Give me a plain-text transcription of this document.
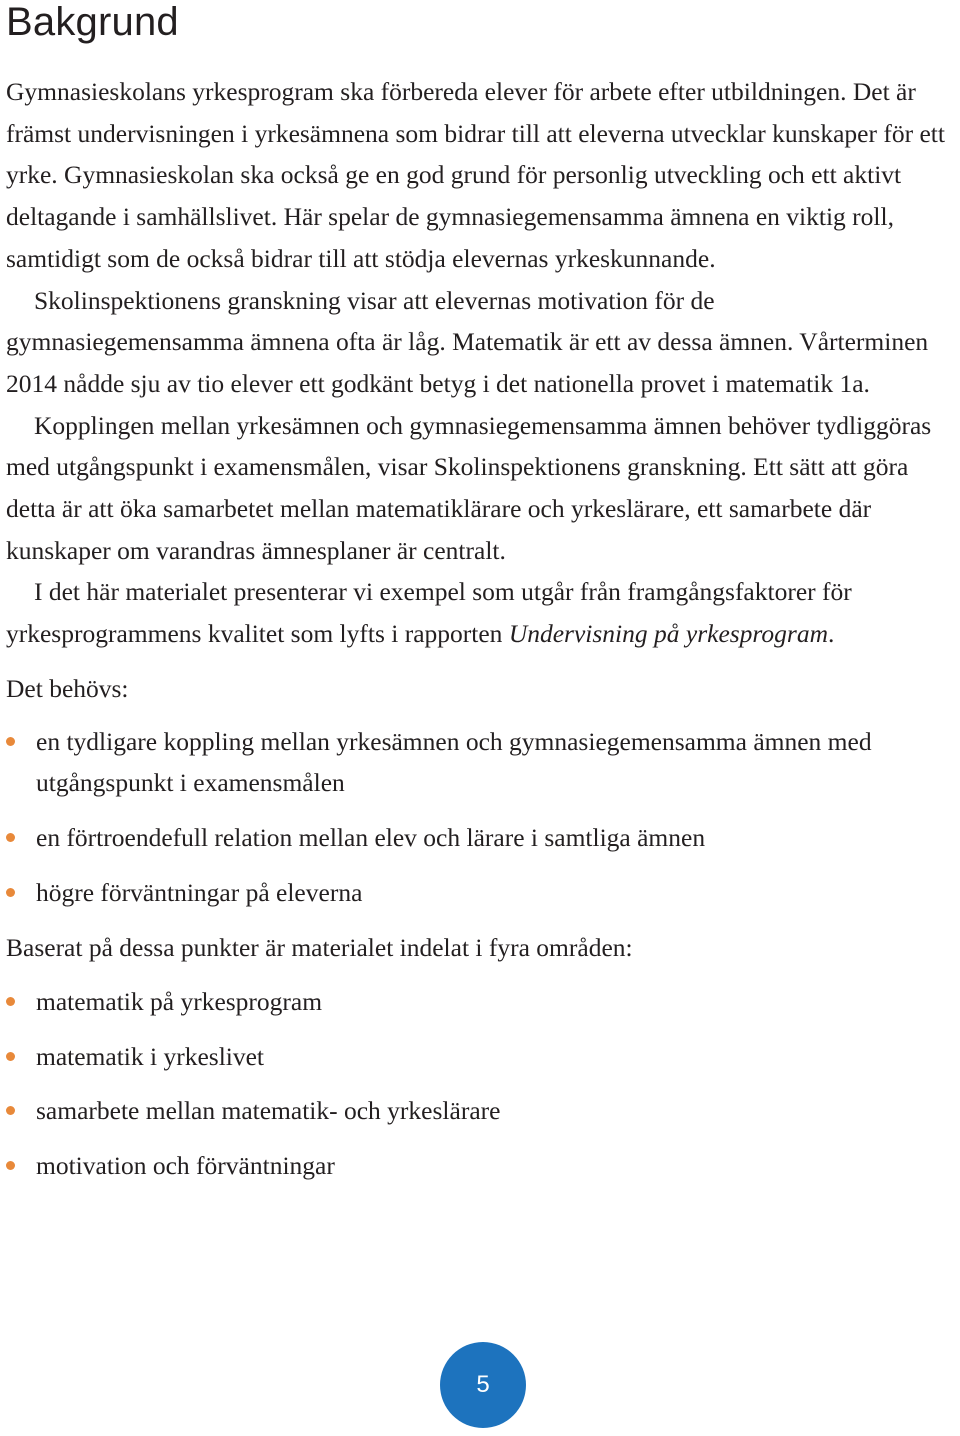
Bakgrund

Gymnasieskolans yrkesprogram ska förbereda elever för arbete efter utbildningen. Det är främst undervisningen i yrkesämnena som bidrar till att eleverna utvecklar kunskaper för ett yrke. Gymnasieskolan ska också ge en god grund för personlig utveckling och ett aktivt deltagande i samhällslivet. Här spelar de gymnasiegemensamma ämnena en viktig roll, samtidigt som de också bidrar till att stödja elevernas yrkeskunnande.

Skolinspektionens granskning visar att elevernas motivation för de gymnasiegemensamma ämnena ofta är låg. Matematik är ett av dessa ämnen. Vårterminen 2014 nådde sju av tio elever ett godkänt betyg i det nationella provet i matematik 1a.

Kopplingen mellan yrkesämnen och gymnasiegemensamma ämnen behöver tydliggöras med utgångspunkt i examensmålen, visar Skolinspektionens granskning. Ett sätt att göra detta är att öka samarbetet mellan matematiklärare och yrkeslärare, ett samarbete där kunskaper om varandras ämnesplaner är centralt.

I det här materialet presenterar vi exempel som utgår från framgångsfaktorer för yrkesprogrammens kvalitet som lyfts i rapporten Undervisning på yrkesprogram.

Det behövs:

en tydligare koppling mellan yrkesämnen och gymnasiegemensamma ämnen med utgångspunkt i examensmålen
en förtroendefull relation mellan elev och lärare i samtliga ämnen
högre förväntningar på eleverna

Baserat på dessa punkter är materialet indelat i fyra områden:

matematik på yrkesprogram
matematik i yrkeslivet
samarbete mellan matematik- och yrkeslärare
motivation och förväntningar
5
